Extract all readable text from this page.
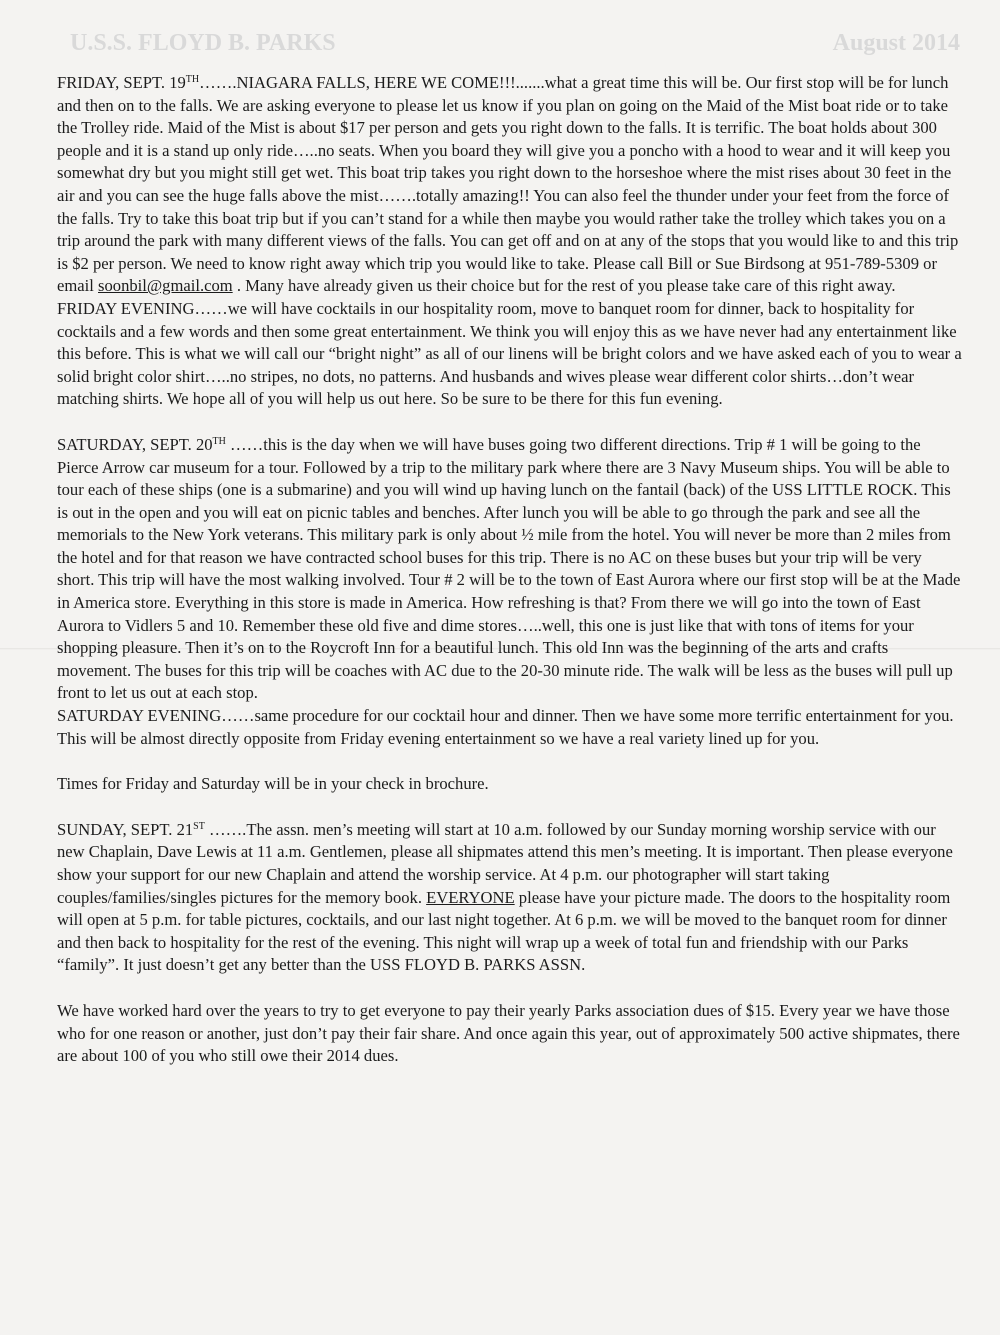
U.S.S. FLOYD B. PARKS	August 2014

FRIDAY, SEPT. 19TH…….NIAGARA FALLS, HERE WE COME!!!.......what a great time this will be. Our first stop will be for lunch and then on to the falls. We are asking everyone to please let us know if you plan on going on the Maid of the Mist boat ride or to take the Trolley ride. Maid of the Mist is about $17 per person and gets you right down to the falls. It is terrific. The boat holds about 300 people and it is a stand up only ride…..no seats. When you board they will give you a poncho with a hood to wear and it will keep you somewhat dry but you might still get wet. This boat trip takes you right down to the horseshoe where the mist rises about 30 feet in the air and you can see the huge falls above the mist…….totally amazing!! You can also feel the thunder under your feet from the force of the falls. Try to take this boat trip but if you can’t stand for a while then maybe you would rather take the trolley which takes you on a trip around the park with many different views of the falls. You can get off and on at any of the stops that you would like to and this trip is $2 per person. We need to know right away which trip you would like to take. Please call Bill or Sue Birdsong at 951-789-5309 or email soonbil@gmail.com . Many have already given us their choice but for the rest of you please take care of this right away.

FRIDAY EVENING……we will have cocktails in our hospitality room, move to banquet room for dinner, back to hospitality for cocktails and a few words and then some great entertainment. We think you will enjoy this as we have never had any entertainment like this before. This is what we will call our “bright night” as all of our linens will be bright colors and we have asked each of you to wear a solid bright color shirt…..no stripes, no dots, no patterns. And husbands and wives please wear different color shirts…don’t wear matching shirts. We hope all of you will help us out here. So be sure to be there for this fun evening.

SATURDAY, SEPT. 20TH ……this is the day when we will have buses going two different directions. Trip # 1 will be going to the Pierce Arrow car museum for a tour. Followed by a trip to the military park where there are 3 Navy Museum ships. You will be able to tour each of these ships (one is a submarine) and you will wind up having lunch on the fantail (back) of the USS LITTLE ROCK. This is out in the open and you will eat on picnic tables and benches. After lunch you will be able to go through the park and see all the memorials to the New York veterans. This military park is only about ½ mile from the hotel. You will never be more than 2 miles from the hotel and for that reason we have contracted school buses for this trip. There is no AC on these buses but your trip will be very short. This trip will have the most walking involved. Tour # 2 will be to the town of East Aurora where our first stop will be at the Made in America store. Everything in this store is made in America. How refreshing is that? From there we will go into the town of East Aurora to Vidlers 5 and 10. Remember these old five and dime stores…..well, this one is just like that with tons of items for your shopping pleasure. Then it’s on to the Roycroft Inn for a beautiful lunch. This old Inn was the beginning of the arts and crafts movement. The buses for this trip will be coaches with AC due to the 20-30 minute ride. The walk will be less as the buses will pull up front to let us out at each stop.

SATURDAY EVENING……same procedure for our cocktail hour and dinner. Then we have some more terrific entertainment for you. This will be almost directly opposite from Friday evening entertainment so we have a real variety lined up for you.

Times for Friday and Saturday will be in your check in brochure.

SUNDAY, SEPT. 21ST …….The assn. men’s meeting will start at 10 a.m. followed by our Sunday morning worship service with our new Chaplain, Dave Lewis at 11 a.m. Gentlemen, please all shipmates attend this men’s meeting. It is important. Then please everyone show your support for our new Chaplain and attend the worship service. At 4 p.m. our photographer will start taking couples/families/singles pictures for the memory book. EVERYONE please have your picture made. The doors to the hospitality room will open at 5 p.m. for table pictures, cocktails, and our last night together. At 6 p.m. we will be moved to the banquet room for dinner and then back to hospitality for the rest of the evening. This night will wrap up a week of total fun and friendship with our Parks “family”. It just doesn’t get any better than the USS FLOYD B. PARKS ASSN.

We have worked hard over the years to try to get everyone to pay their yearly Parks association dues of $15. Every year we have those who for one reason or another, just don’t pay their fair share. And once again this year, out of approximately 500 active shipmates, there are about 100 of you who still owe their 2014 dues.
